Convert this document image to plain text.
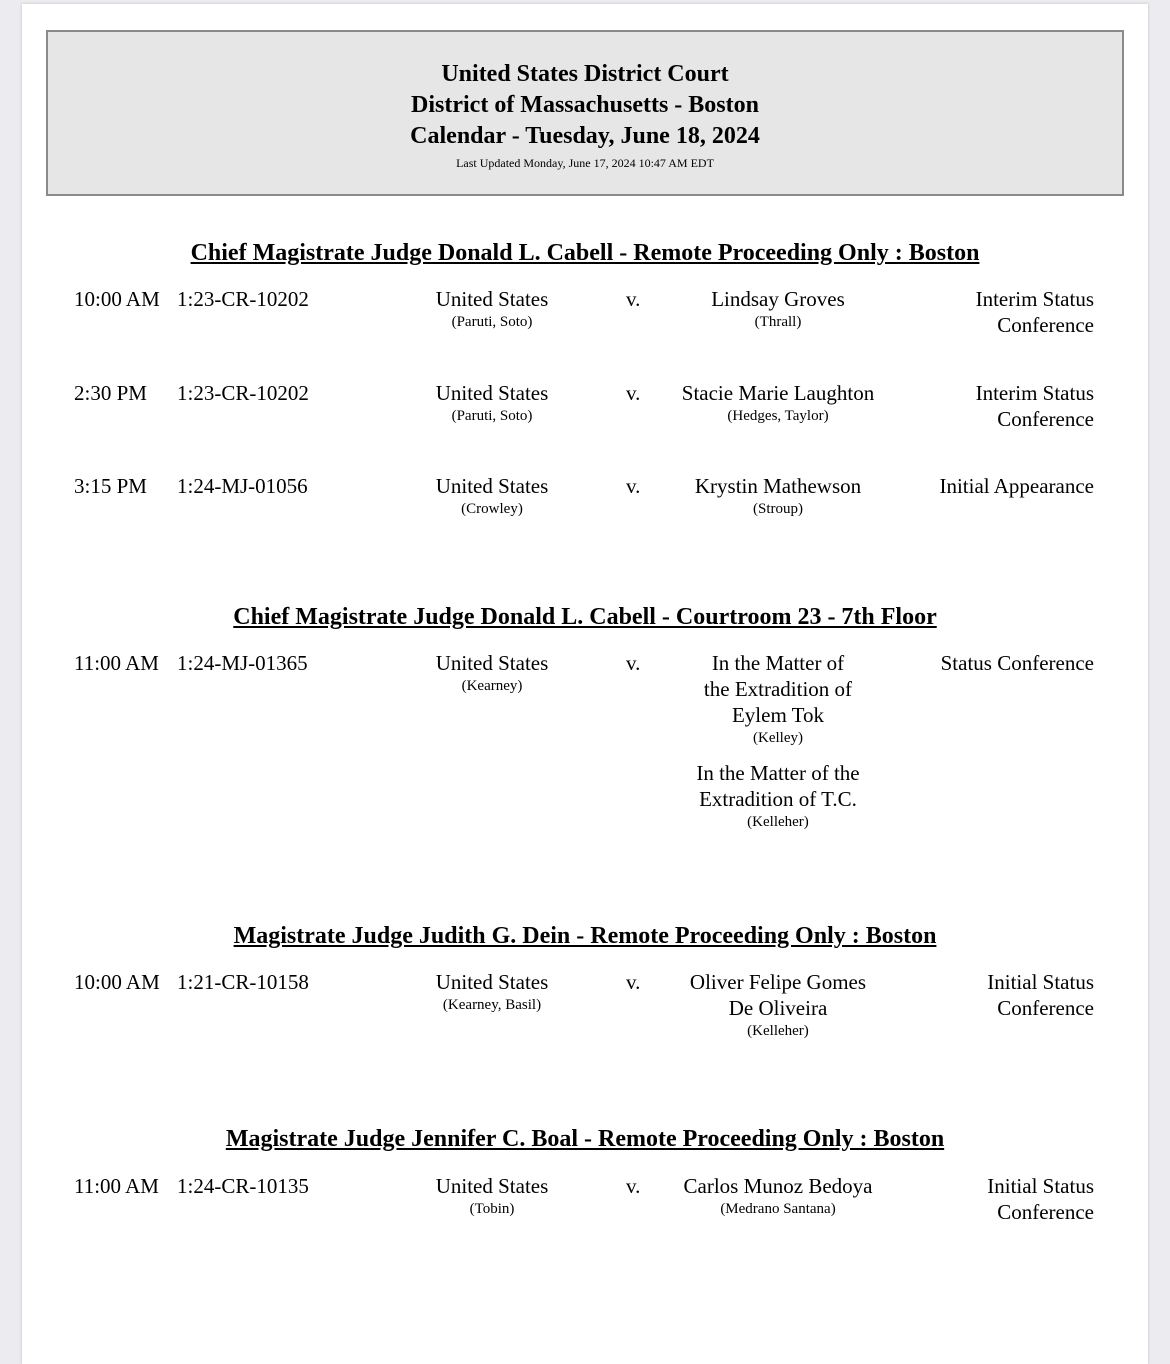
United States District Court
District of Massachusetts - Boston
Calendar - Tuesday, June 18, 2024
Last Updated Monday, June 17, 2024 10:47 AM EDT
Chief Magistrate Judge Donald L. Cabell - Remote Proceeding Only : Boston
10:00 AM 1:23-CR-10202	United States
(Paruti, Soto)
v.	Lindsay Groves
(Thrall)
Interim Status Conference
2:30 PM 1:23-CR-10202	United States
(Paruti, Soto)
v.	Stacie Marie Laughton
(Hedges, Taylor)
Interim Status Conference
3:15 PM 1:24-MJ-01056	United States
(Crowley)
v.	Krystin Mathewson
(Stroup)
Initial Appearance
Chief Magistrate Judge Donald L. Cabell - Courtroom 23 - 7th Floor
11:00 AM 1:24-MJ-01365	United States
(Kearney)
v.	In the Matter of the Extradition of Eylem Tok
(Kelley)
In the Matter of the Extradition of T.C.
(Kelleher)
Status Conference
Magistrate Judge Judith G. Dein - Remote Proceeding Only : Boston
10:00 AM 1:21-CR-10158	United States
(Kearney, Basil)
v.	Oliver Felipe Gomes De Oliveira
(Kelleher)
Initial Status Conference
Magistrate Judge Jennifer C. Boal - Remote Proceeding Only : Boston
11:00 AM 1:24-CR-10135	United States
(Tobin)
v.	Carlos Munoz Bedoya
(Medrano Santana)
Initial Status Conference
